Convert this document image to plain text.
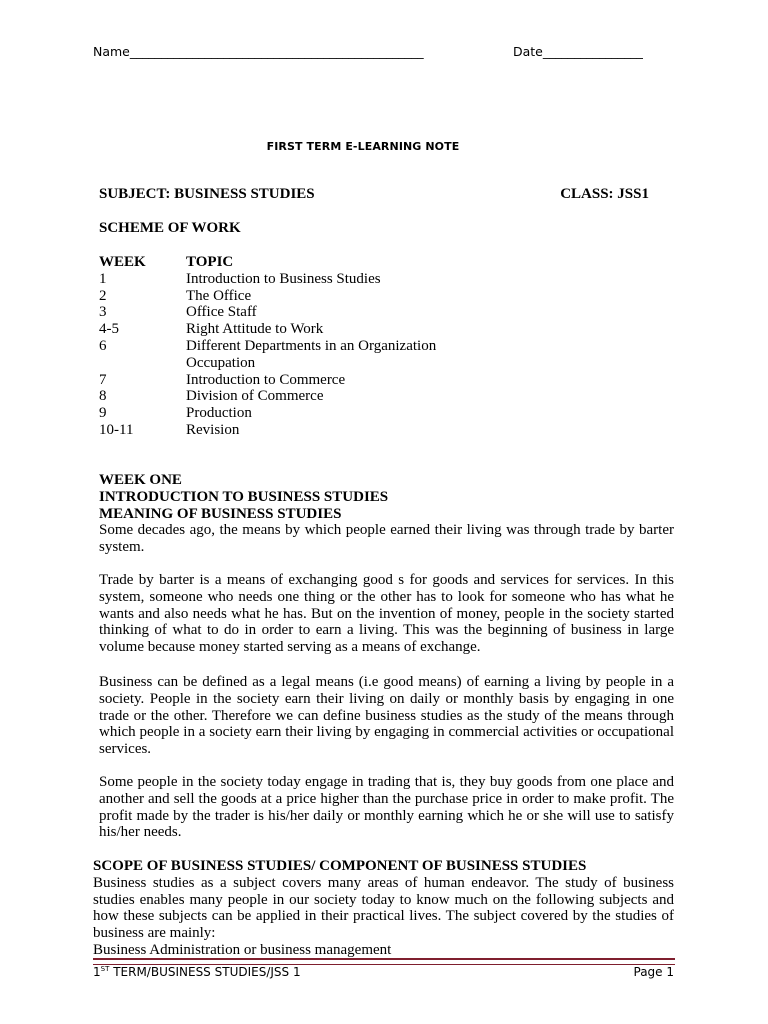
Name_______________________________________________	Date________________
FIRST TERM E-LEARNING NOTE
SUBJECT: BUSINESS STUDIES	CLASS: JSS1
SCHEME OF WORK
WEEK	TOPIC
1	Introduction to Business Studies
2	The Office
3	Office Staff
4-5	Right Attitude to Work
6	Different Departments in an Organization

Occupation
7	Introduction to Commerce
8	Division of Commerce
9	Production
10-11	Revision
WEEK ONE
INTRODUCTION TO BUSINESS STUDIES
MEANING OF BUSINESS STUDIES

Some decades ago, the means by which people earned their living was through trade by barter system.

Trade by barter is a means of exchanging good s for goods and services for services. In this system, someone who needs one thing or the other has to look for someone who has what he wants and also needs what he has. But on the invention of money, people in the society started thinking of what to do in order to earn a living. This was the beginning of business in large volume because money started serving as a means of exchange.

Business can be defined as a legal means (i.e good means) of earning a living by people in a society. People in the society earn their living on daily or monthly basis by engaging in one trade or the other. Therefore we can define business studies as the study of the means through which people in a society earn their living by engaging in commercial activities or occupational services.

Some people in the society today engage in trading that is, they buy goods from one place and another and sell the goods at a price higher than the purchase price in order to make profit. The profit made by the trader is his/her daily or monthly earning which he or she will use to satisfy his/her needs.

SCOPE OF BUSINESS STUDIES/ COMPONENT OF BUSINESS STUDIES

Business studies as a subject covers many areas of human endeavor. The study of business studies enables many people in our society today to know much on the following subjects and how these subjects can be applied in their practical lives. The subject covered by the studies of business are mainly:

Business Administration or business management
1ST TERM/BUSINESS STUDIES/JSS 1	Page 1
